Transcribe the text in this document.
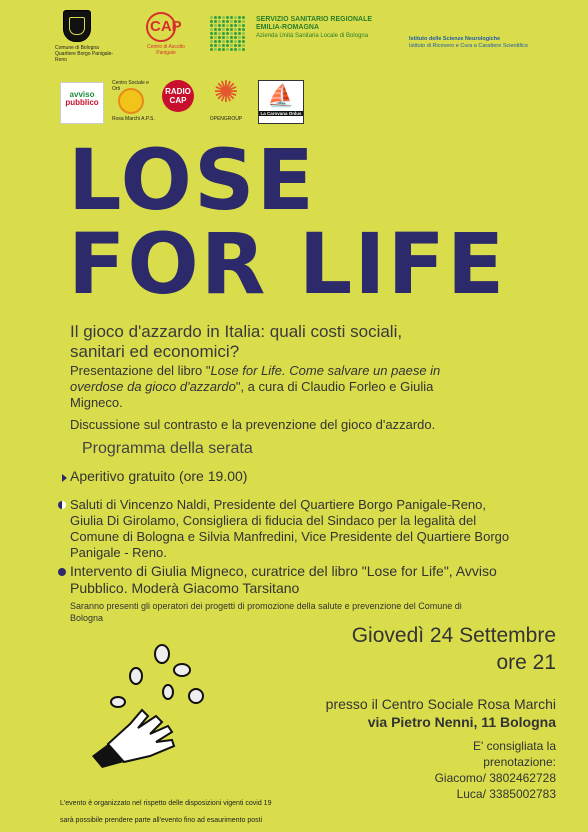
Comune di Bologna
Quartiere Borgo Panigale-Reno
CAP
Centro di Ascolto Panigale
SERVIZIO SANITARIO REGIONALE
EMILIA-ROMAGNA
Azienda Unità Sanitaria Locale di Bologna	Istituto delle Scienze Neurologiche
Istituto di Ricovero e Cura a Carattere Scientifico
avviso
pubblico
Centro Sociale e Orti
Rosa Marchi A.P.S.
RADIO
CAP ✺
OPENGROUP
⛵
La Carovana Onlus
LOSE
FOR LIFE
Il gioco d'azzardo in Italia: quali costi sociali,
sanitari ed economici?
Presentazione del libro "Lose for Life. Come salvare un paese in overdose da gioco d'azzardo", a cura di Claudio Forleo e Giulia Migneco.
Discussione sul contrasto e la prevenzione del gioco d'azzardo.
Programma della serata
Aperitivo gratuito (ore 19.00)
Saluti di Vincenzo Naldi, Presidente del Quartiere Borgo Panigale-Reno, Giulia Di Girolamo, Consigliera di fiducia del Sindaco per la legalità del Comune di Bologna e Silvia Manfredini, Vice Presidente del Quartiere Borgo Panigale - Reno.
Intervento di Giulia Migneco, curatrice del libro "Lose for Life", Avviso Pubblico. Moderà Giacomo Tarsitano
Saranno presenti gli operatori dei progetti di promozione della salute e prevenzione del Comune di Bologna
Giovedì 24 Settembre
ore 21
presso il Centro Sociale Rosa Marchi
via Pietro Nenni, 11 Bologna
E' consigliata la
prenotazione:
Giacomo/ 3802462728
Luca/ 3385002783
L'evento è organizzato nel rispetto delle disposizioni vigenti covid 19
sarà possibile prendere parte all'evento fino ad esaurimento posti
